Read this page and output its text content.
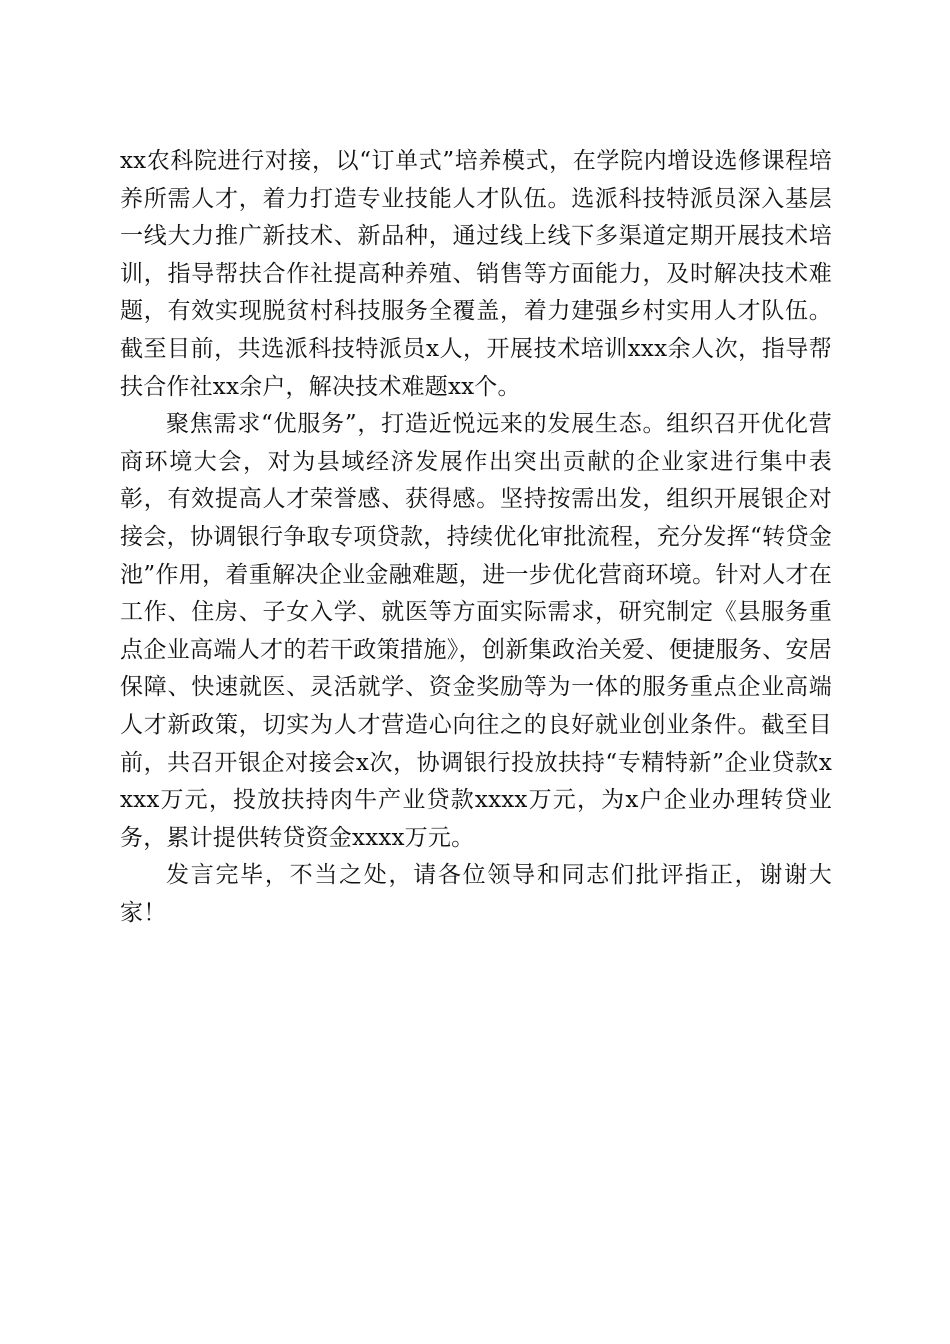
xx农科院进行对接，以“订单式”培养模式，在学院内增设选修课程培养所需人才，着力打造专业技能人才队伍。选派科技特派员深入基层一线大力推广新技术、新品种，通过线上线下多渠道定期开展技术培训，指导帮扶合作社提高种养殖、销售等方面能力，及时解决技术难题，有效实现脱贫村科技服务全覆盖，着力建强乡村实用人才队伍。截至目前，共选派科技特派员x人，开展技术培训xxx余人次，指导帮扶合作社xx余户，解决技术难题xx个。

聚焦需求“优服务”，打造近悦远来的发展生态。组织召开优化营商环境大会，对为县域经济发展作出突出贡献的企业家进行集中表彰，有效提高人才荣誉感、获得感。坚持按需出发，组织开展银企对接会，协调银行争取专项贷款，持续优化审批流程，充分发挥“转贷金池”作用，着重解决企业金融难题，进一步优化营商环境。针对人才在工作、住房、子女入学、就医等方面实际需求，研究制定《县服务重点企业高端人才的若干政策措施》，创新集政治关爱、便捷服务、安居保障、快速就医、灵活就学、资金奖励等为一体的服务重点企业高端人才新政策，切实为人才营造心向往之的良好就业创业条件。截至目前，共召开银企对接会x次，协调银行投放扶持“专精特新”企业贷款xxxx万元，投放扶持肉牛产业贷款xxxx万元，为x户企业办理转贷业务，累计提供转贷资金xxxx万元。

发言完毕，不当之处，请各位领导和同志们批评指正，谢谢大家！
